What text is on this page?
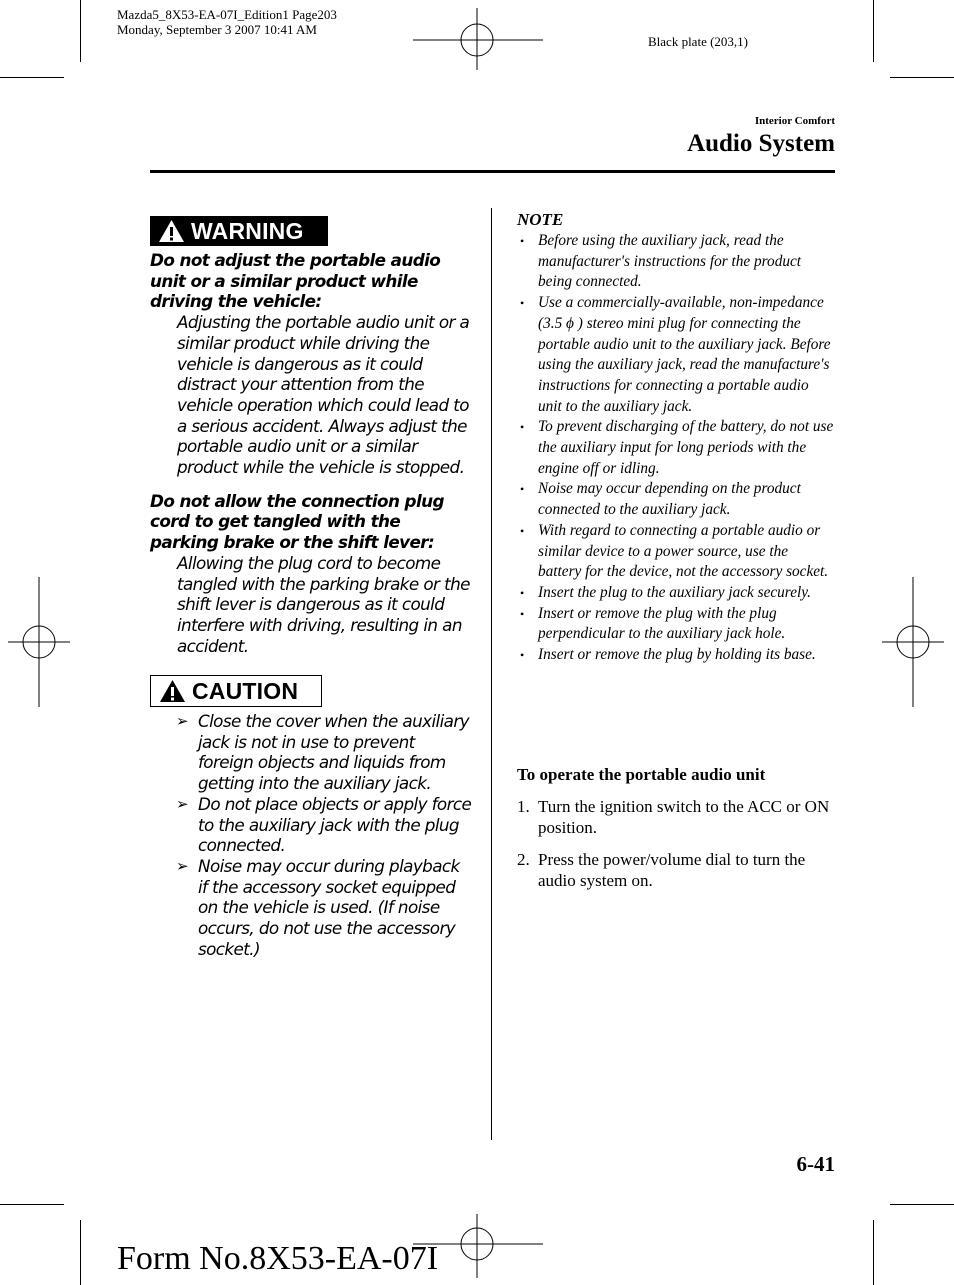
Mazda5_8X53-EA-07I_Edition1 Page203
Monday, September 3 2007 10:41 AM
Black plate (203,1)
Interior Comfort
Audio System
WARNING
Do not adjust the portable audio unit or a similar product while driving the vehicle:
Adjusting the portable audio unit or a similar product while driving the vehicle is dangerous as it could distract your attention from the vehicle operation which could lead to a serious accident. Always adjust the portable audio unit or a similar product while the vehicle is stopped.
Do not allow the connection plug cord to get tangled with the parking brake or the shift lever:
Allowing the plug cord to become tangled with the parking brake or the shift lever is dangerous as it could interfere with driving, resulting in an accident.
CAUTION
➢ Close the cover when the auxiliary jack is not in use to prevent foreign objects and liquids from getting into the auxiliary jack.
➢ Do not place objects or apply force to the auxiliary jack with the plug connected.
➢ Noise may occur during playback if the accessory socket equipped on the vehicle is used. (If noise occurs, do not use the accessory socket.)
NOTE
• Before using the auxiliary jack, read the manufacturer's instructions for the product being connected.
• Use a commercially-available, non-impedance (3.5 ϕ ) stereo mini plug for connecting the portable audio unit to the auxiliary jack. Before using the auxiliary jack, read the manufacture's instructions for connecting a portable audio unit to the auxiliary jack.
• To prevent discharging of the battery, do not use the auxiliary input for long periods with the engine off or idling.
• Noise may occur depending on the product connected to the auxiliary jack.
• With regard to connecting a portable audio or similar device to a power source, use the battery for the device, not the accessory socket.
• Insert the plug to the auxiliary jack securely.
• Insert or remove the plug with the plug perpendicular to the auxiliary jack hole.
• Insert or remove the plug by holding its base.
To operate the portable audio unit
1. Turn the ignition switch to the ACC or ON position.
2. Press the power/volume dial to turn the audio system on.
6-41
Form No.8X53-EA-07I
